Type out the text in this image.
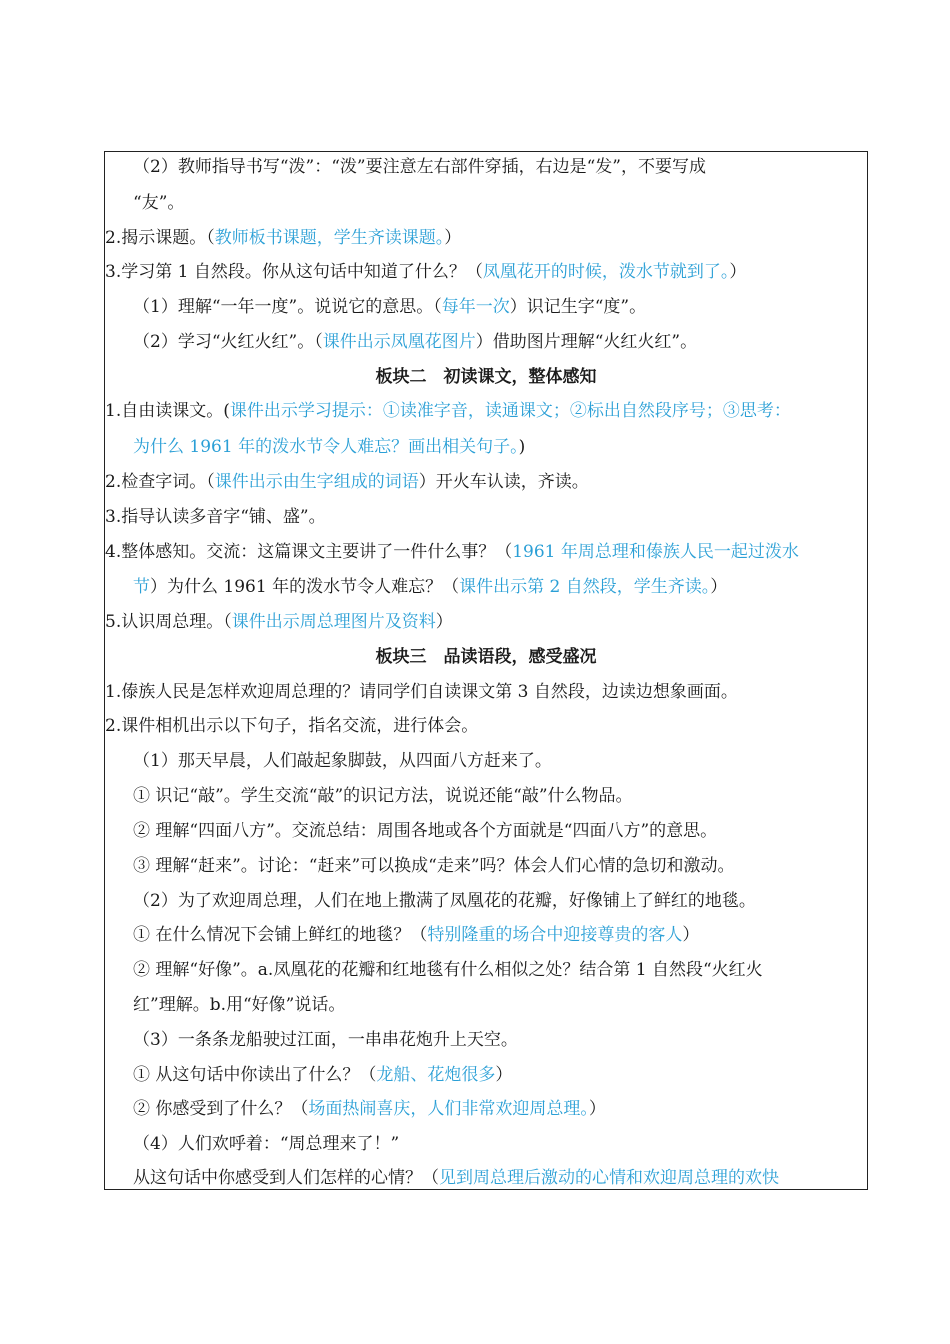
（2）教师指导书写“泼”：“泼”要注意左右部件穿插，右边是“发”，不要写成
“友”。
2.揭示课题。（教师板书课题，学生齐读课题。）
3.学习第 1 自然段。你从这句话中知道了什么？（凤凰花开的时候，泼水节就到了。）
（1）理解“一年一度”。说说它的意思。（每年一次）识记生字“度”。
（2）学习“火红火红”。（课件出示凤凰花图片）借助图片理解“火红火红”。
板块二　初读课文，整体感知
1.自由读课文。(课件出示学习提示：①读准字音，读通课文；②标出自然段序号；③思考：
为什么 1961 年的泼水节令人难忘？画出相关句子。)
2.检查字词。（课件出示由生字组成的词语）开火车认读，齐读。
3.指导认读多音字“铺、盛”。
4.整体感知。交流：这篇课文主要讲了一件什么事？（1961 年周总理和傣族人民一起过泼水
节）为什么 1961 年的泼水节令人难忘？（课件出示第 2 自然段，学生齐读。）
5.认识周总理。（课件出示周总理图片及资料）
板块三　品读语段，感受盛况
1.傣族人民是怎样欢迎周总理的？请同学们自读课文第 3 自然段，边读边想象画面。
2.课件相机出示以下句子，指名交流，进行体会。
（1）那天早晨，人们敲起象脚鼓，从四面八方赶来了。
① 识记“敲”。学生交流“敲”的识记方法，说说还能“敲”什么物品。
② 理解“四面八方”。交流总结：周围各地或各个方面就是“四面八方”的意思。
③ 理解“赶来”。讨论：“赶来”可以换成“走来”吗？体会人们心情的急切和激动。
（2）为了欢迎周总理，人们在地上撒满了凤凰花的花瓣，好像铺上了鲜红的地毯。
① 在什么情况下会铺上鲜红的地毯？（特别隆重的场合中迎接尊贵的客人）
② 理解“好像”。a.凤凰花的花瓣和红地毯有什么相似之处？结合第 1 自然段“火红火
红”理解。b.用“好像”说话。
（3）一条条龙船驶过江面，一串串花炮升上天空。
① 从这句话中你读出了什么？（龙船、花炮很多）
② 你感受到了什么？（场面热闹喜庆，人们非常欢迎周总理。）
（4）人们欢呼着：“周总理来了！”
从这句话中你感受到人们怎样的心情？（见到周总理后激动的心情和欢迎周总理的欢快
